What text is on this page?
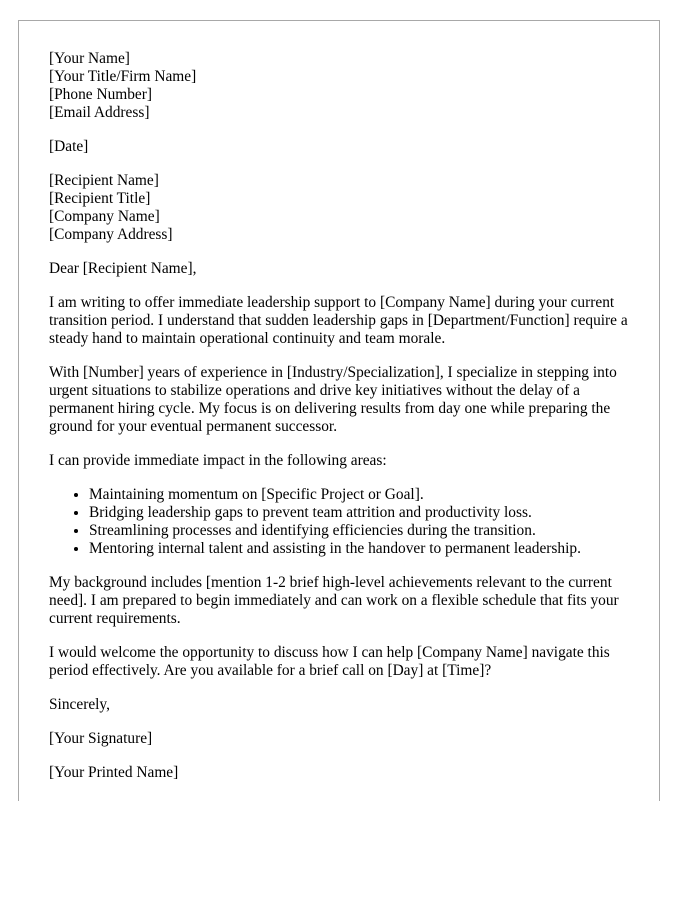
[Your Name]
[Your Title/Firm Name]
[Phone Number]
[Email Address]
[Date]
[Recipient Name]
[Recipient Title]
[Company Name]
[Company Address]

Dear [Recipient Name],

I am writing to offer immediate leadership support to [Company Name] during your current transition period. I understand that sudden leadership gaps in [Department/Function] require a steady hand to maintain operational continuity and team morale.

With [Number] years of experience in [Industry/Specialization], I specialize in stepping into urgent situations to stabilize operations and drive key initiatives without the delay of a permanent hiring cycle. My focus is on delivering results from day one while preparing the ground for your eventual permanent successor.

I can provide immediate impact in the following areas:

• Maintaining momentum on [Specific Project or Goal].
• Bridging leadership gaps to prevent team attrition and productivity loss.
• Streamlining processes and identifying efficiencies during the transition.
• Mentoring internal talent and assisting in the handover to permanent leadership.

My background includes [mention 1-2 brief high-level achievements relevant to the current need]. I am prepared to begin immediately and can work on a flexible schedule that fits your current requirements.

I would welcome the opportunity to discuss how I can help [Company Name] navigate this period effectively. Are you available for a brief call on [Day] at [Time]?

Sincerely,

[Your Signature]

[Your Printed Name]
